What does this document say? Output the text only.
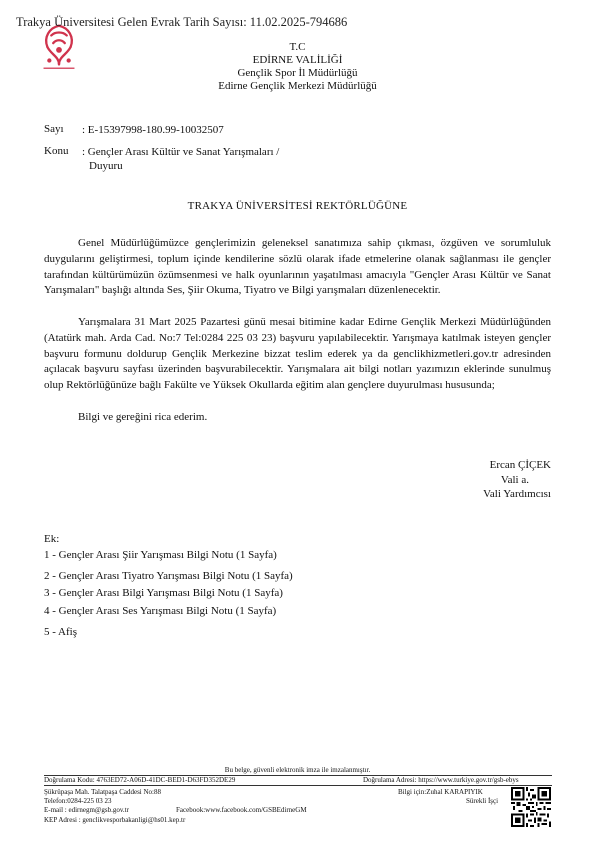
Trakya Üniversitesi Gelen Evrak Tarih Sayısı: 11.02.2025-794686
T.C
EDİRNE VALİLİĞİ
Gençlik Spor İl Müdürlüğü
Edirne Gençlik Merkezi Müdürlüğü
Sayı : E-15397998-180.99-10032507
Konu : Gençler Arası Kültür ve Sanat Yarışmaları /
Duyuru
TRAKYA ÜNİVERSİTESİ REKTÖRLÜĞÜNE

Genel Müdürlüğümüzce gençlerimizin geleneksel sanatımıza sahip çıkması, özgüven ve sorumluluk duygularını geliştirmesi, toplum içinde kendilerine sözlü olarak ifade etmelerine olanak sağlanması ile gençler tarafından kültürümüzün özümsenmesi ve halk oyunlarının yaşatılması amacıyla "Gençler Arası Kültür ve Sanat Yarışmaları" başlığı altında Ses, Şiir Okuma, Tiyatro ve Bilgi yarışmaları düzenlenecektir.

Yarışmalara 31 Mart 2025 Pazartesi günü mesai bitimine kadar Edirne Gençlik Merkezi Müdürlüğünden (Atatürk mah. Arda Cad. No:7 Tel:0284 225 03 23) başvuru yapılabilecektir. Yarışmaya katılmak isteyen gençler başvuru formunu doldurup Gençlik Merkezine bizzat teslim ederek ya da genclikhizmetleri.gov.tr adresinden açılacak başvuru sayfası üzerinden başvurabilecektir. Yarışmalara ait bilgi notları yazımızın eklerinde sunulmuş olup Rektörlüğünüze bağlı Fakülte ve Yüksek Okullarda eğitim alan gençlere duyurulması hususunda;

Bilgi ve gereğini rica ederim.

Ercan ÇİÇEK
Vali a.
Vali Yardımcısı
Ek:
1 - Gençler Arası Şiir Yarışması Bilgi Notu (1 Sayfa)
2 - Gençler Arası Tiyatro Yarışması Bilgi Notu (1 Sayfa)
3 - Gençler Arası Bilgi Yarışması Bilgi Notu (1 Sayfa)
4 - Gençler Arası Ses Yarışması Bilgi Notu (1 Sayfa)
5 - Afiş
Bu belge, güvenli elektronik imza ile imzalanmıştır.
Doğrulama Kodu: 4763ED72-A06D-41DC-BED1-D63FD352DE29	Doğrulama Adresi: https://www.turkiye.gov.tr/gsb-ebys
Şükrüpaşa Mah. Talatpaşa Caddesi No:88
Telefon:0284-225 03 23
E-mail : edirnegm@gsb.gov.tr	Facebook:www.facebook.com/GSBEdirneGM
KEP Adresi : genclikvesporbakanligi@hs01.kep.tr
Bilgi için:Zuhal KARAPIYIK
Sürekli İşçi
